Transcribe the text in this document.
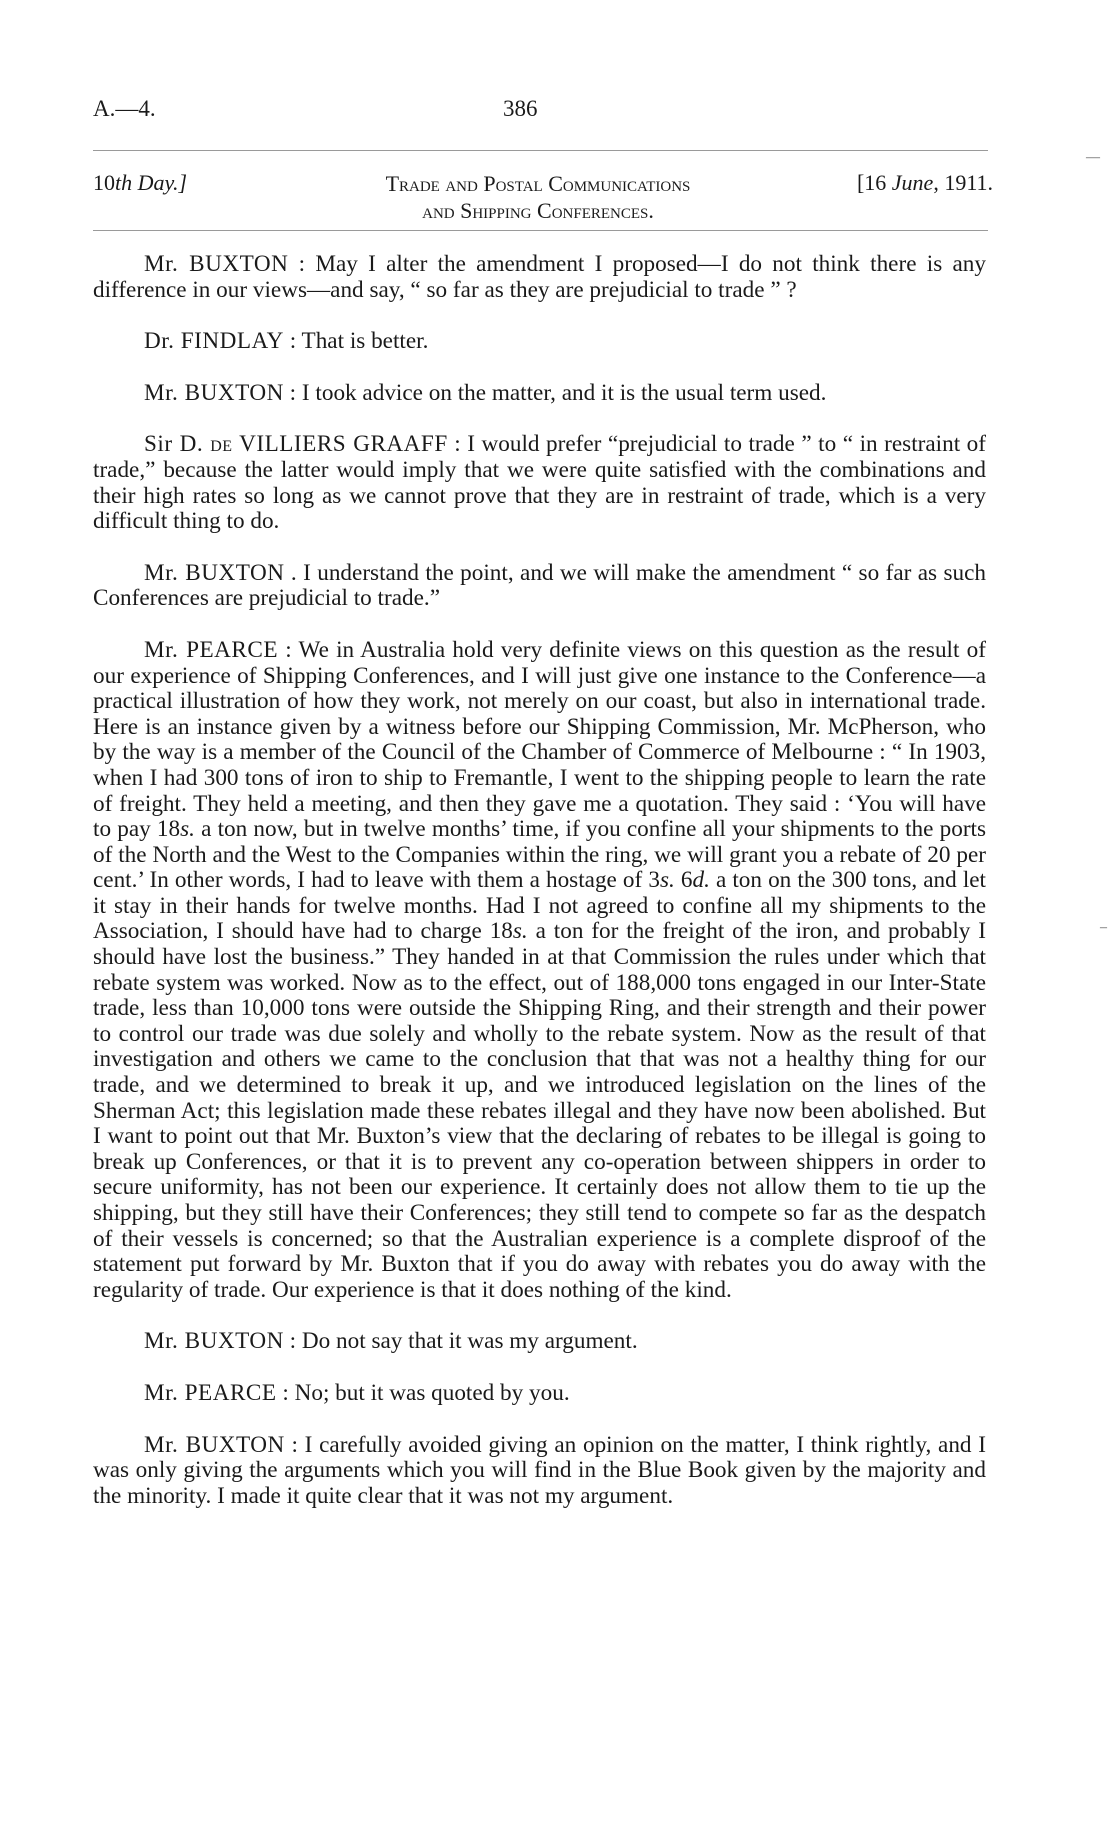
A.—4.	386
10th Day.]	Trade and Postal Communications
and Shipping Conferences.
[16 June, 1911.

Mr. BUXTON : May I alter the amendment I proposed—I do not think there is any difference in our views—and say, “ so far as they are prejudicial to trade ” ?

Dr. FINDLAY : That is better.

Mr. BUXTON : I took advice on the matter, and it is the usual term used.

Sir D. de VILLIERS GRAAFF : I would prefer “prejudicial to trade ” to “ in restraint of trade,” because the latter would imply that we were quite satisfied with the combinations and their high rates so long as we cannot prove that they are in restraint of trade, which is a very difficult thing to do.

Mr. BUXTON . I understand the point, and we will make the amendment “ so far as such Conferences are prejudicial to trade.”

Mr. PEARCE : We in Australia hold very definite views on this question as the result of our experience of Shipping Conferences, and I will just give one instance to the Conference—a practical illustration of how they work, not merely on our coast, but also in international trade. Here is an instance given by a witness before our Shipping Commission, Mr. McPherson, who by the way is a member of the Council of the Chamber of Commerce of Melbourne : “ In 1903, when I had 300 tons of iron to ship to Fremantle, I went to the shipping people to learn the rate of freight. They held a meeting, and then they gave me a quotation. They said : ‘You will have to pay 18s. a ton now, but in twelve months’ time, if you confine all your shipments to the ports of the North and the West to the Companies within the ring, we will grant you a rebate of 20 per cent.’ In other words, I had to leave with them a hostage of 3s. 6d. a ton on the 300 tons, and let it stay in their hands for twelve months. Had I not agreed to confine all my shipments to the Association, I should have had to charge 18s. a ton for the freight of the iron, and probably I should have lost the business.” They handed in at that Commission the rules under which that rebate system was worked. Now as to the effect, out of 188,000 tons engaged in our Inter-State trade, less than 10,000 tons were outside the Shipping Ring, and their strength and their power to control our trade was due solely and wholly to the rebate system. Now as the result of that investigation and others we came to the conclusion that that was not a healthy thing for our trade, and we determined to break it up, and we introduced legislation on the lines of the Sherman Act; this legislation made these rebates illegal and they have now been abolished. But I want to point out that Mr. Buxton’s view that the declaring of rebates to be illegal is going to break up Conferences, or that it is to prevent any co-operation between shippers in order to secure uniformity, has not been our experience. It certainly does not allow them to tie up the shipping, but they still have their Conferences; they still tend to compete so far as the despatch of their vessels is concerned; so that the Australian experience is a complete disproof of the statement put forward by Mr. Buxton that if you do away with rebates you do away with the regularity of trade. Our experience is that it does nothing of the kind.

Mr. BUXTON : Do not say that it was my argument.

Mr. PEARCE : No; but it was quoted by you.

Mr. BUXTON : I carefully avoided giving an opinion on the matter, I think rightly, and I was only giving the arguments which you will find in the Blue Book given by the majority and the minority. I made it quite clear that it was not my argument.

—
–
